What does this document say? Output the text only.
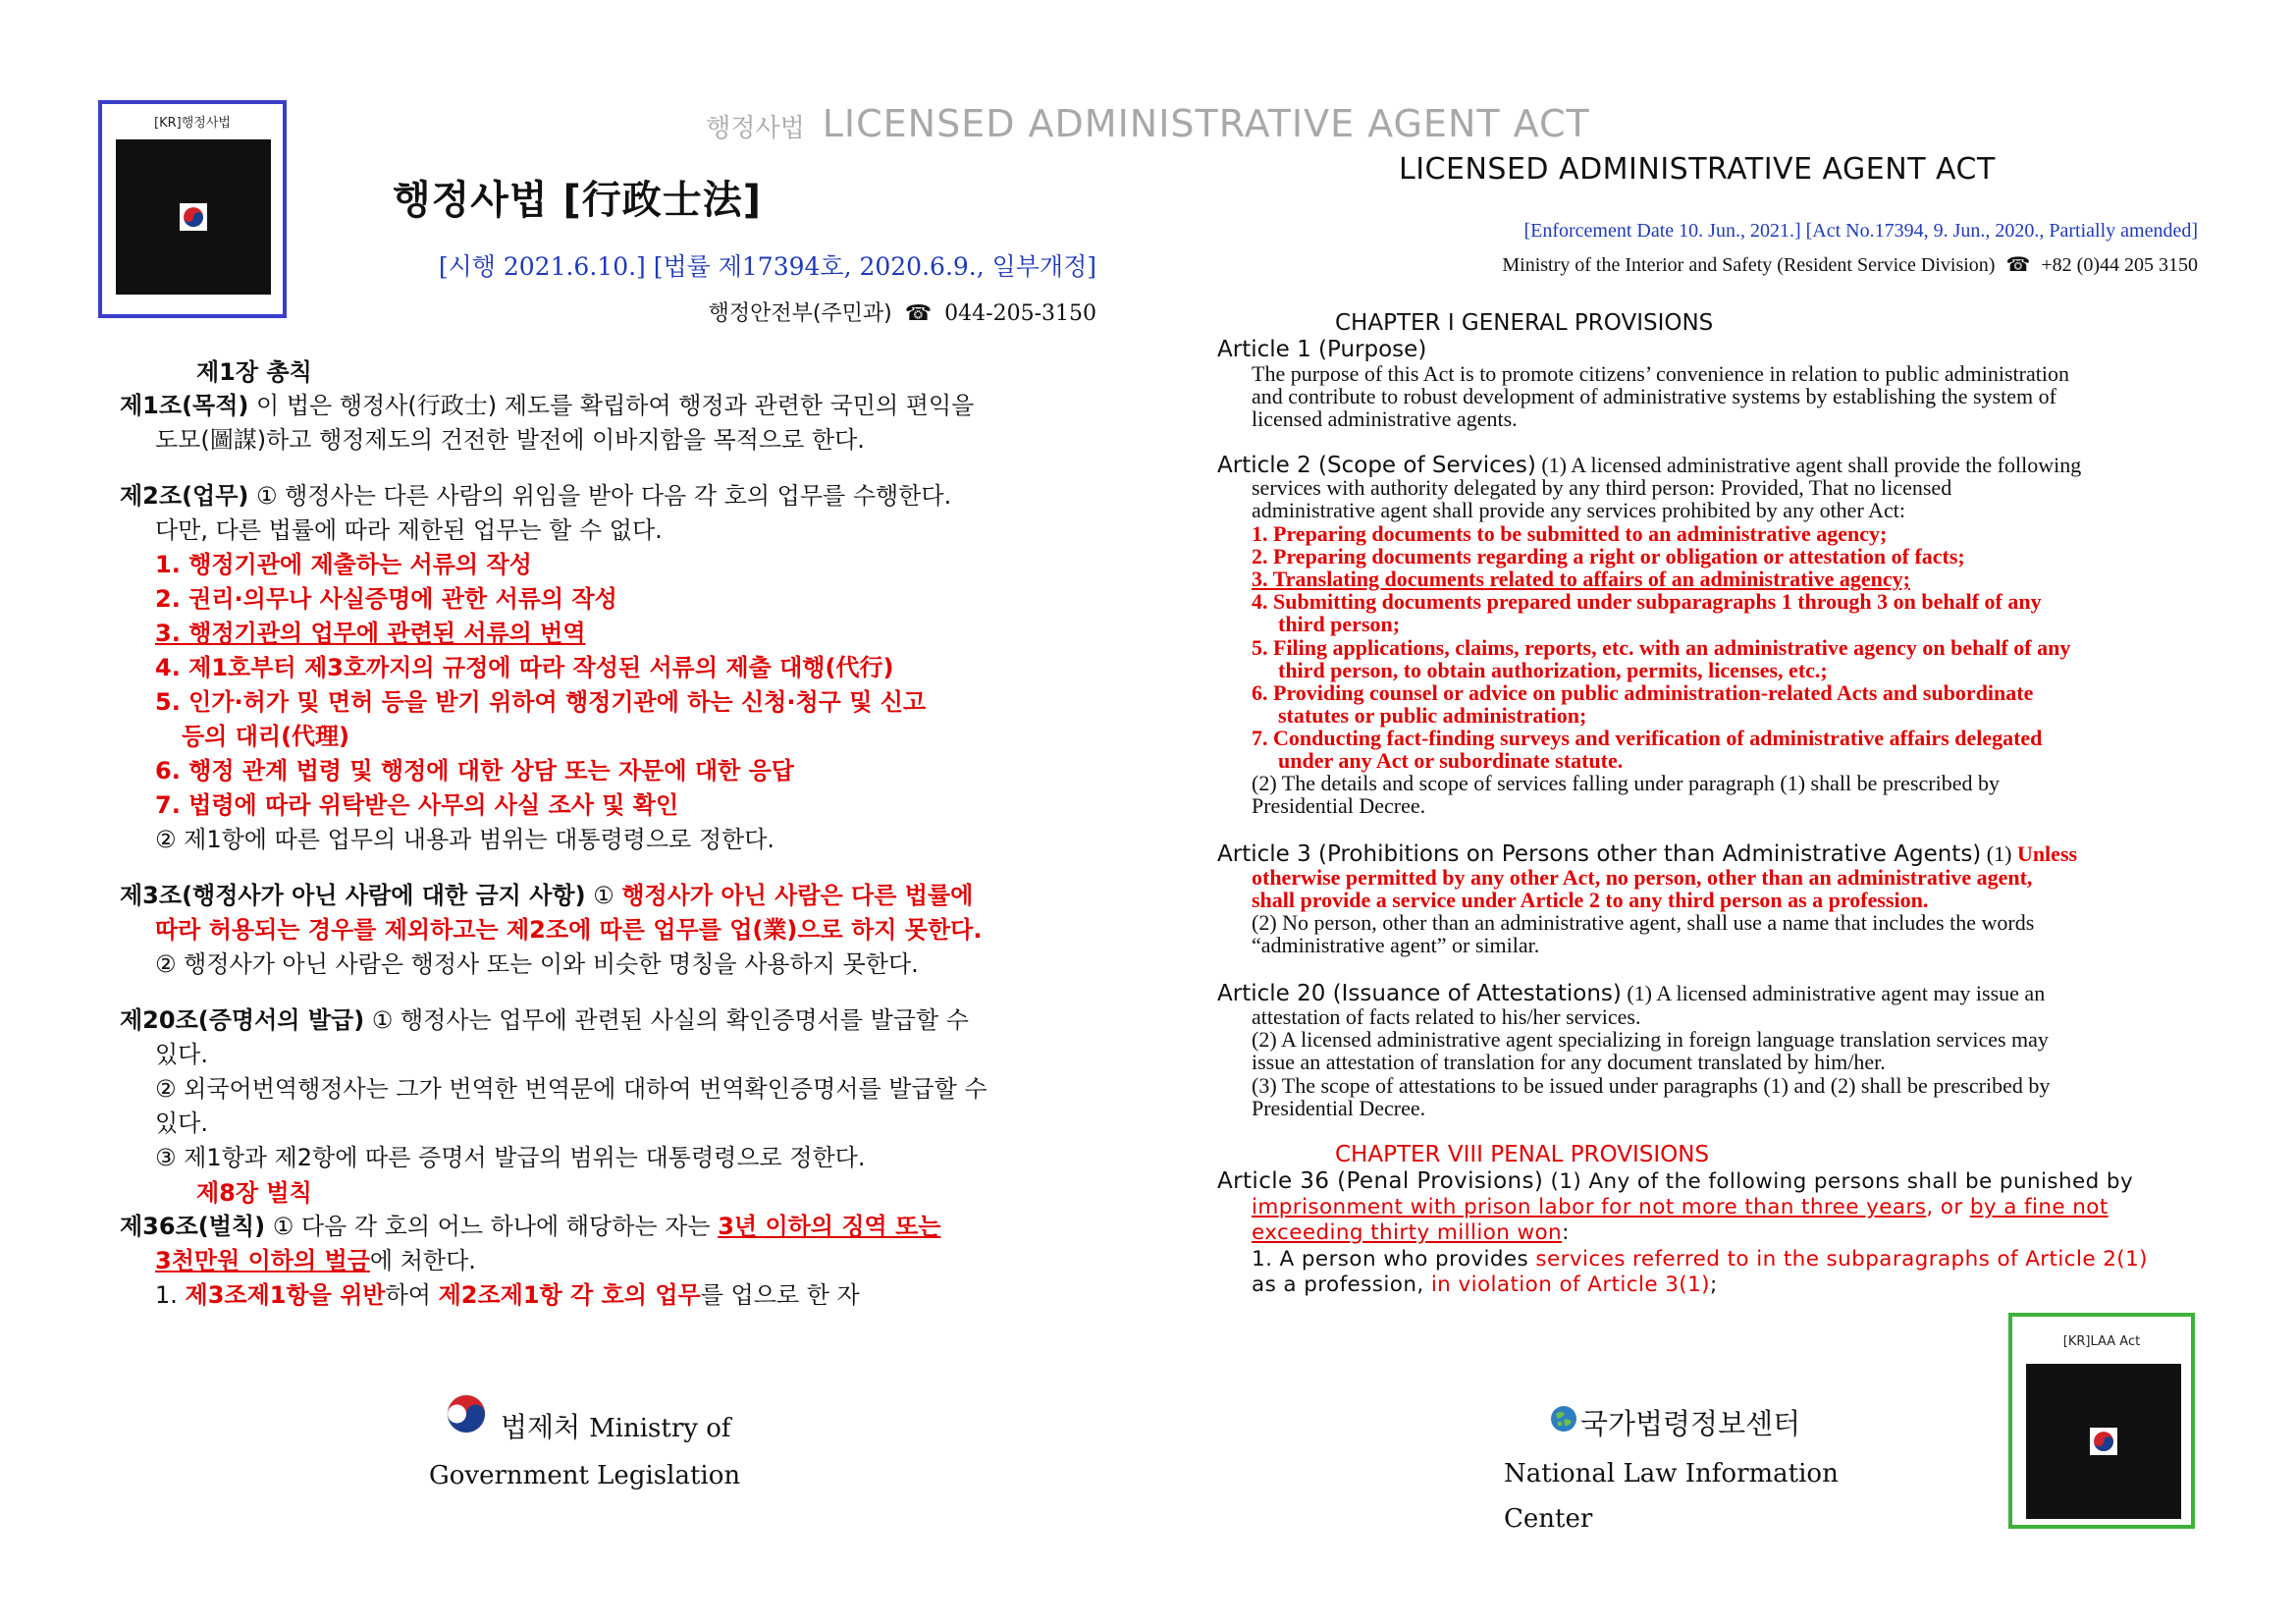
행정사법 LICENSED ADMINISTRATIVE AGENT ACT
[KR]행정사법
행정사법 [行政士法]
[시행 2021.6.10.] [법률 제17394호, 2020.6.9., 일부개정]
행정안전부(주민과) ☎ 044-205-3150
제1장 총칙
제1조(목적) 이 법은 행정사(行政士) 제도를 확립하여 행정과 관련한 국민의 편익을
도모(圖謀)하고 행정제도의 건전한 발전에 이바지함을 목적으로 한다.
제2조(업무) ① 행정사는 다른 사람의 위임을 받아 다음 각 호의 업무를 수행한다.
다만, 다른 법률에 따라 제한된 업무는 할 수 없다.
1. 행정기관에 제출하는 서류의 작성
2. 권리·의무나 사실증명에 관한 서류의 작성
3. 행정기관의 업무에 관련된 서류의 번역
4. 제1호부터 제3호까지의 규정에 따라 작성된 서류의 제출 대행(代行)
5. 인가·허가 및 면허 등을 받기 위하여 행정기관에 하는 신청·청구 및 신고
등의 대리(代理)
6. 행정 관계 법령 및 행정에 대한 상담 또는 자문에 대한 응답
7. 법령에 따라 위탁받은 사무의 사실 조사 및 확인
② 제1항에 따른 업무의 내용과 범위는 대통령령으로 정한다.
제3조(행정사가 아닌 사람에 대한 금지 사항) ① 행정사가 아닌 사람은 다른 법률에
따라 허용되는 경우를 제외하고는 제2조에 따른 업무를 업(業)으로 하지 못한다.
② 행정사가 아닌 사람은 행정사 또는 이와 비슷한 명칭을 사용하지 못한다.
제20조(증명서의 발급) ① 행정사는 업무에 관련된 사실의 확인증명서를 발급할 수
있다.
② 외국어번역행정사는 그가 번역한 번역문에 대하여 번역확인증명서를 발급할 수
있다.
③ 제1항과 제2항에 따른 증명서 발급의 범위는 대통령령으로 정한다.
제8장 벌칙
제36조(벌칙) ① 다음 각 호의 어느 하나에 해당하는 자는 3년 이하의 징역 또는
3천만원 이하의 벌금에 처한다.
1. 제3조제1항을 위반하여 제2조제1항 각 호의 업무를 업으로 한 자
LICENSED ADMINISTRATIVE AGENT ACT
[Enforcement Date 10. Jun., 2021.] [Act No.17394, 9. Jun., 2020., Partially amended]
Ministry of the Interior and Safety (Resident Service Division) ☎ +82 (0)44 205 3150
CHAPTER I GENERAL PROVISIONS
Article 1 (Purpose)
The purpose of this Act is to promote citizens’ convenience in relation to public administration
and contribute to robust development of administrative systems by establishing the system of
licensed administrative agents.
Article 2 (Scope of Services) (1) A licensed administrative agent shall provide the following
services with authority delegated by any third person: Provided, That no licensed
administrative agent shall provide any services prohibited by any other Act:
1. Preparing documents to be submitted to an administrative agency;
2. Preparing documents regarding a right or obligation or attestation of facts;
3. Translating documents related to affairs of an administrative agency;
4. Submitting documents prepared under subparagraphs 1 through 3 on behalf of any
third person;
5. Filing applications, claims, reports, etc. with an administrative agency on behalf of any
third person, to obtain authorization, permits, licenses, etc.;
6. Providing counsel or advice on public administration-related Acts and subordinate
statutes or public administration;
7. Conducting fact-finding surveys and verification of administrative affairs delegated
under any Act or subordinate statute.
(2) The details and scope of services falling under paragraph (1) shall be prescribed by
Presidential Decree.
Article 3 (Prohibitions on Persons other than Administrative Agents) (1) Unless
otherwise permitted by any other Act, no person, other than an administrative agent,
shall provide a service under Article 2 to any third person as a profession.
(2) No person, other than an administrative agent, shall use a name that includes the words
“administrative agent” or similar.
Article 20 (Issuance of Attestations) (1) A licensed administrative agent may issue an
attestation of facts related to his/her services.
(2) A licensed administrative agent specializing in foreign language translation services may
issue an attestation of translation for any document translated by him/her.
(3) The scope of attestations to be issued under paragraphs (1) and (2) shall be prescribed by
Presidential Decree.
CHAPTER VIII PENAL PROVISIONS
Article 36 (Penal Provisions) (1) Any of the following persons shall be punished by
imprisonment with prison labor for not more than three years, or by a fine not
exceeding thirty million won:
1. A person who provides services referred to in the subparagraphs of Article 2(1)
as a profession, in violation of Article 3(1);
[KR]LAA Act
법제처 Ministry of
Government Legislation
국가법령정보센터
National Law Information
Center
